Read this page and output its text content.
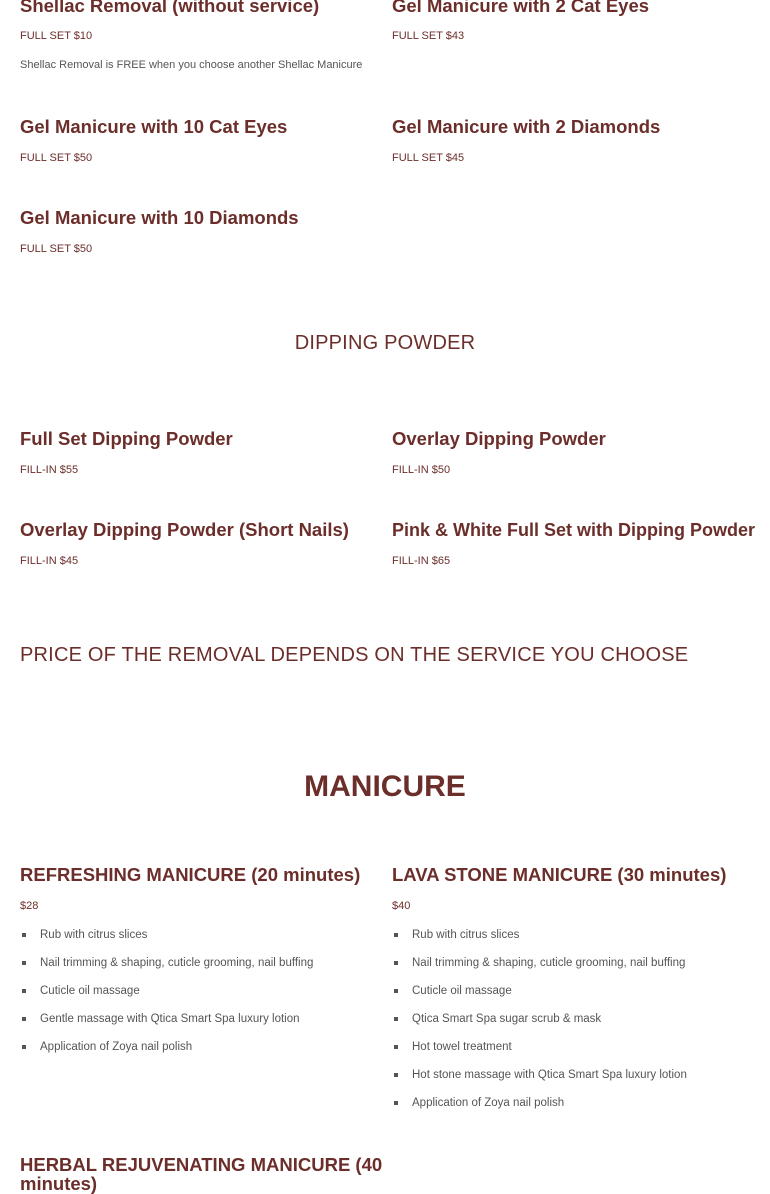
Shellac Removal (without service)
FULL SET $10
Shellac Removal is FREE when you choose another Shellac Manicure
Gel Manicure with 2 Cat Eyes
FULL SET $43
Gel Manicure with 10 Cat Eyes
FULL SET $50
Gel Manicure with 2 Diamonds
FULL SET $45
Gel Manicure with 10 Diamonds
FULL SET $50
DIPPING POWDER
Full Set Dipping Powder
FILL-IN $55
Overlay Dipping Powder
FILL-IN $50
Overlay Dipping Powder (Short Nails)
FILL-IN $45
Pink & White Full Set with Dipping Powder
FILL-IN $65
PRICE OF THE REMOVAL DEPENDS ON THE SERVICE YOU CHOOSE
MANICURE
REFRESHING MANICURE (20 minutes)
$28
Rub with citrus slices
Nail trimming & shaping, cuticle grooming, nail buffing
Cuticle oil massage
Gentle massage with Qtica Smart Spa luxury lotion
Application of Zoya nail polish
LAVA STONE MANICURE (30 minutes)
$40
Rub with citrus slices
Nail trimming & shaping, cuticle grooming, nail buffing
Cuticle oil massage
Qtica Smart Spa sugar scrub & mask
Hot towel treatment
Hot stone massage with Qtica Smart Spa luxury lotion
Application of Zoya nail polish
HERBAL REJUVENATING MANICURE (40
minutes)
